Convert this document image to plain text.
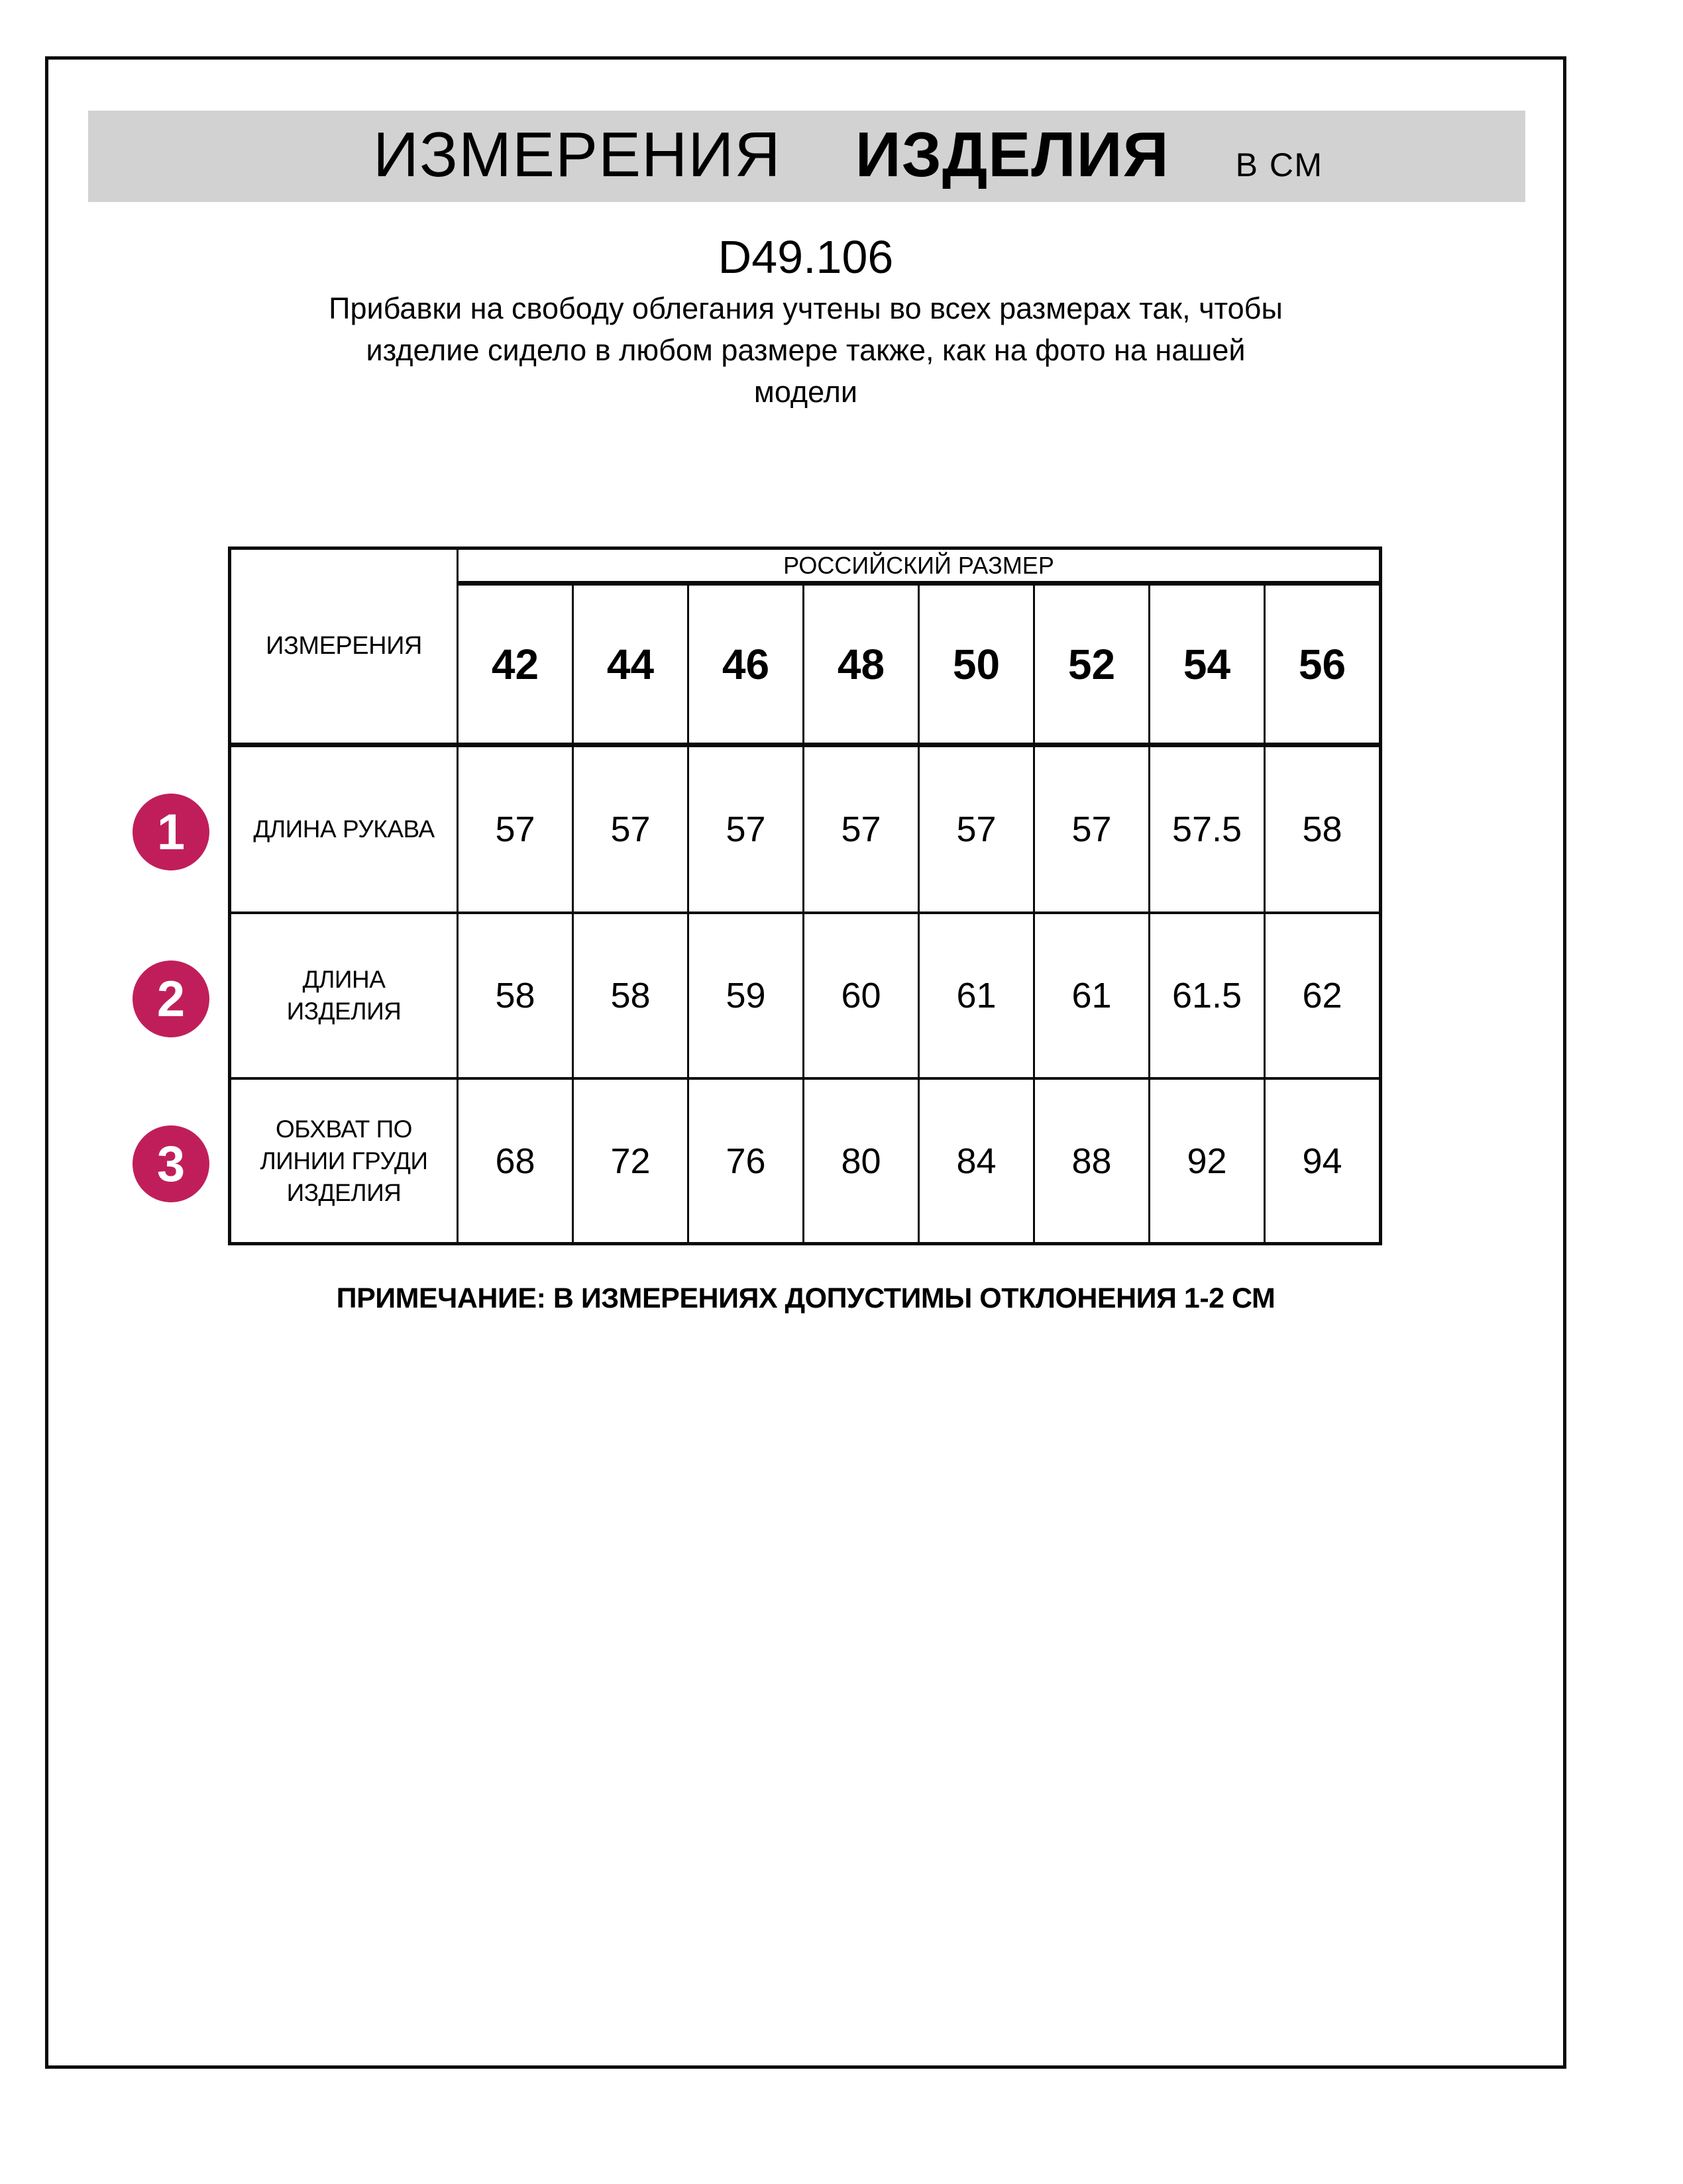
ИЗМЕРЕНИЯ ИЗДЕЛИЯ В СМ
D49.106
Прибавки на свободу облегания учтены во всех размерах так, чтобы
изделие сидело в любом размере также, как на фото на нашей
модели
ИЗМЕРЕНИЯ
РОССИЙСКИЙ РАЗМЕР
42	44	46	48	50	52	54	56
ДЛИНА РУКАВА	57	57	57	57	57	57	57.5	58
ДЛИНА
ИЗДЕЛИЯ	58	58	59	60	61	61	61.5	62
ОБХВАТ ПО
ЛИНИИ ГРУДИ
ИЗДЕЛИЯ
68	72	76	80	84	88	92	94
1
2
3
ПРИМЕЧАНИЕ: В ИЗМЕРЕНИЯХ ДОПУСТИМЫ ОТКЛОНЕНИЯ 1-2 СМ
